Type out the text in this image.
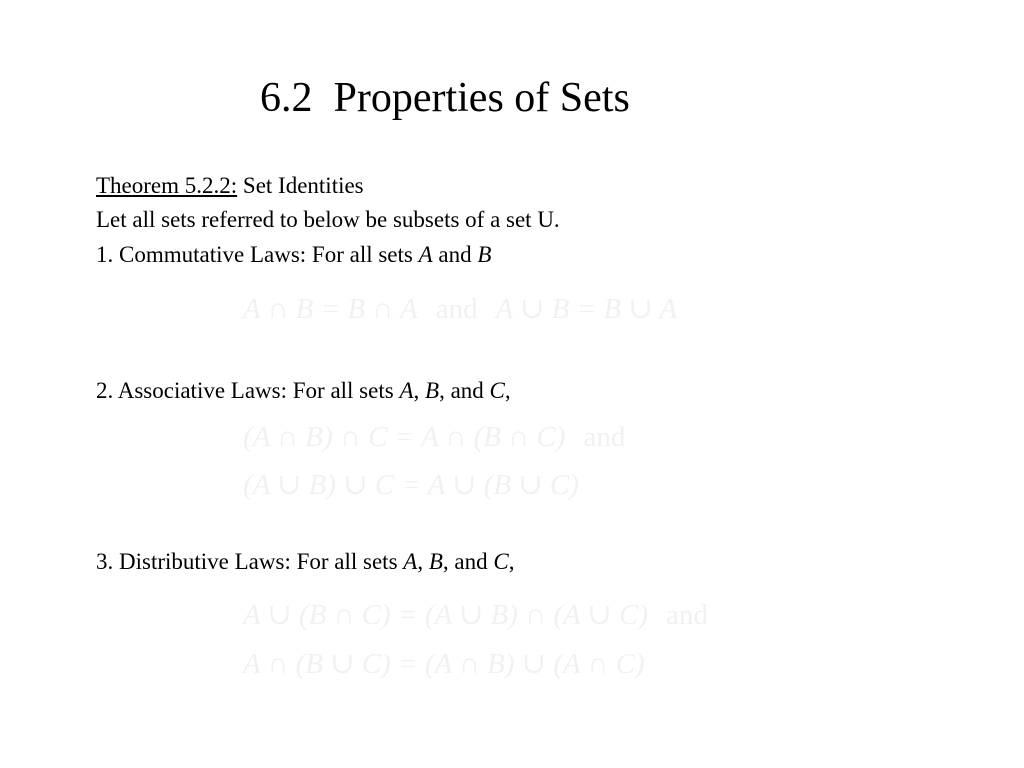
6.2  Properties of Sets
Theorem 5.2.2: Set Identities
Let all sets referred to below be subsets of a set U.
1. Commutative Laws: For all sets A and B
A ∩ B = B ∩ A and A ∪ B = B ∪ A
2. Associative Laws: For all sets A, B, and C,
(A ∩ B) ∩ C = A ∩ (B ∩ C) and
(A ∪ B) ∪ C = A ∪ (B ∪ C)
3. Distributive Laws: For all sets A, B, and C,
A ∪ (B ∩ C) = (A ∪ B) ∩ (A ∪ C) and
A ∩ (B ∪ C) = (A ∩ B) ∪ (A ∩ C)
